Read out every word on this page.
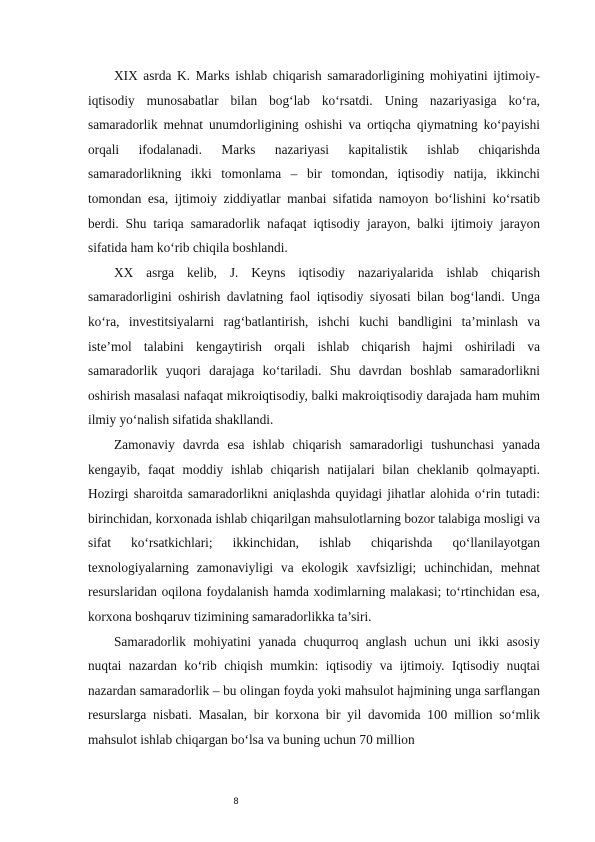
XIX asrda K. Marks ishlab chiqarish samaradorligining mohiyatini ijtimoiy-iqtisodiy munosabatlar bilan bog‘lab ko‘rsatdi. Uning nazariyasiga ko‘ra, samaradorlik mehnat unumdorligining oshishi va ortiqcha qiymatning ko‘payishi orqali ifodalanadi. Marks nazariyasi kapitalistik ishlab chiqarishda samaradorlikning ikki tomonlama – bir tomondan, iqtisodiy natija, ikkinchi tomondan esa, ijtimoiy ziddiyatlar manbai sifatida namoyon bo‘lishini ko‘rsatib berdi. Shu tariqa samaradorlik nafaqat iqtisodiy jarayon, balki ijtimoiy jarayon sifatida ham ko‘rib chiqila boshlandi.

XX asrga kelib, J. Keyns iqtisodiy nazariyalarida ishlab chiqarish samaradorligini oshirish davlatning faol iqtisodiy siyosati bilan bog‘landi. Unga ko‘ra, investitsiyalarni rag‘batlantirish, ishchi kuchi bandligini ta’minlash va iste’mol talabini kengaytirish orqali ishlab chiqarish hajmi oshiriladi va samaradorlik yuqori darajaga ko‘tariladi. Shu davrdan boshlab samaradorlikni oshirish masalasi nafaqat mikroiqtisodiy, balki makroiqtisodiy darajada ham muhim ilmiy yo‘nalish sifatida shakllandi.

Zamonaviy davrda esa ishlab chiqarish samaradorligi tushunchasi yanada kengayib, faqat moddiy ishlab chiqarish natijalari bilan cheklanib qolmayapti. Hozirgi sharoitda samaradorlikni aniqlashda quyidagi jihatlar alohida o‘rin tutadi: birinchidan, korxonada ishlab chiqarilgan mahsulotlarning bozor talabiga mosligi va sifat ko‘rsatkichlari; ikkinchidan, ishlab chiqarishda qo‘llanilayotgan texnologiyalarning zamonaviyligi va ekologik xavfsizligi; uchinchidan, mehnat resurslaridan oqilona foydalanish hamda xodimlarning malakasi; to‘rtinchidan esa, korxona boshqaruv tizimining samaradorlikka ta’siri.

Samaradorlik mohiyatini yanada chuqurroq anglash uchun uni ikki asosiy nuqtai nazardan ko‘rib chiqish mumkin: iqtisodiy va ijtimoiy. Iqtisodiy nuqtai nazardan samaradorlik – bu olingan foyda yoki mahsulot hajmining unga sarflangan resurslarga nisbati. Masalan, bir korxona bir yil davomida 100 million so‘mlik mahsulot ishlab chiqargan bo‘lsa va buning uchun 70 million

8
